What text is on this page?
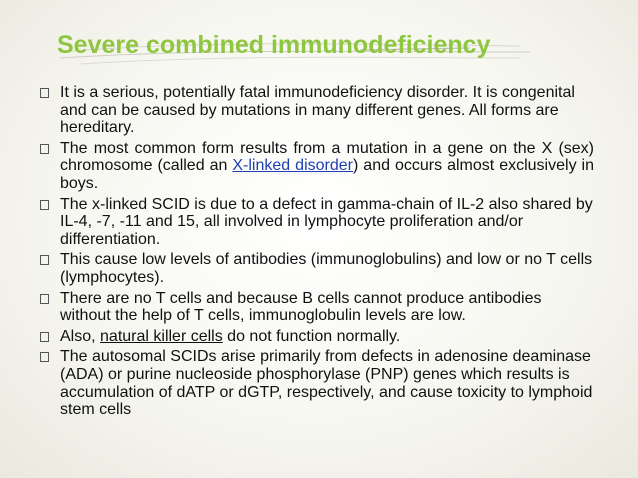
Severe combined immunodeficiency
It is a serious, potentially fatal immunodeficiency disorder. It is congenital and can be caused by mutations in many different genes. All forms are hereditary.
The most common form results from a mutation in a gene on the X (sex) chromosome (called an X-linked disorder) and occurs almost exclusively in boys.
The x-linked SCID is due to a defect in gamma-chain of IL-2 also shared by IL-4, -7, -11 and 15, all involved in lymphocyte proliferation and/or differentiation.
This cause low levels of antibodies (immunoglobulins) and low or no T cells (lymphocytes).
There are no T cells and because B cells cannot produce antibodies without the help of T cells, immunoglobulin levels are low.
Also, natural killer cells do not function normally.
The autosomal SCIDs arise primarily from defects in adenosine deaminase (ADA) or purine nucleoside phosphorylase (PNP) genes which results is accumulation of dATP or dGTP, respectively, and cause toxicity to lymphoid stem cells
